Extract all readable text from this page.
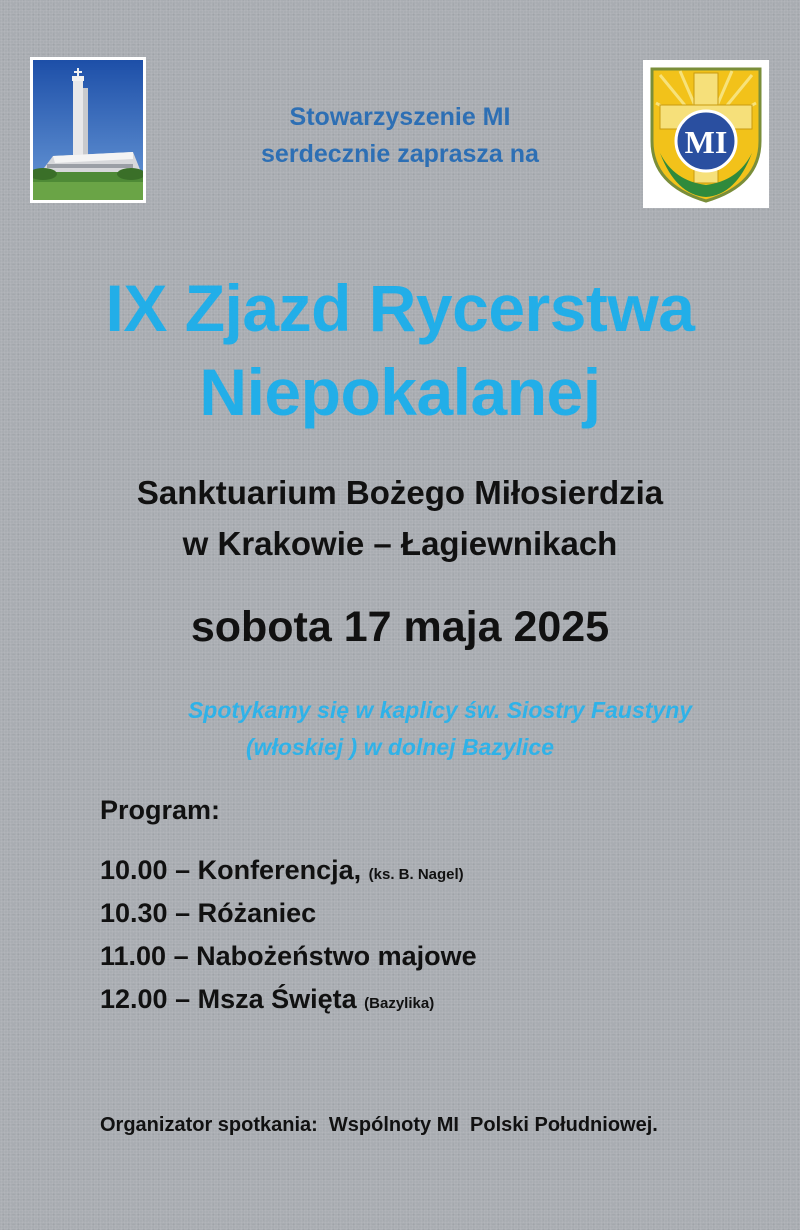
MI
Stowarzyszenie MI
serdecznie zaprasza na
IX Zjazd Rycerstwa
Niepokalanej
Sanktuarium Bożego Miłosierdzia
w Krakowie – Łagiewnikach
sobota 17 maja 2025
Spotykamy się w kaplicy św. Siostry Faustyny
(włoskiej ) w dolnej Bazylice
Program:
10.00 – Konferencja, (ks. B. Nagel)
10.30 – Różaniec
11.00 – Nabożeństwo majowe
12.00 – Msza Święta (Bazylika)
Organizator spotkania:  Wspólnoty MI  Polski Południowej.
